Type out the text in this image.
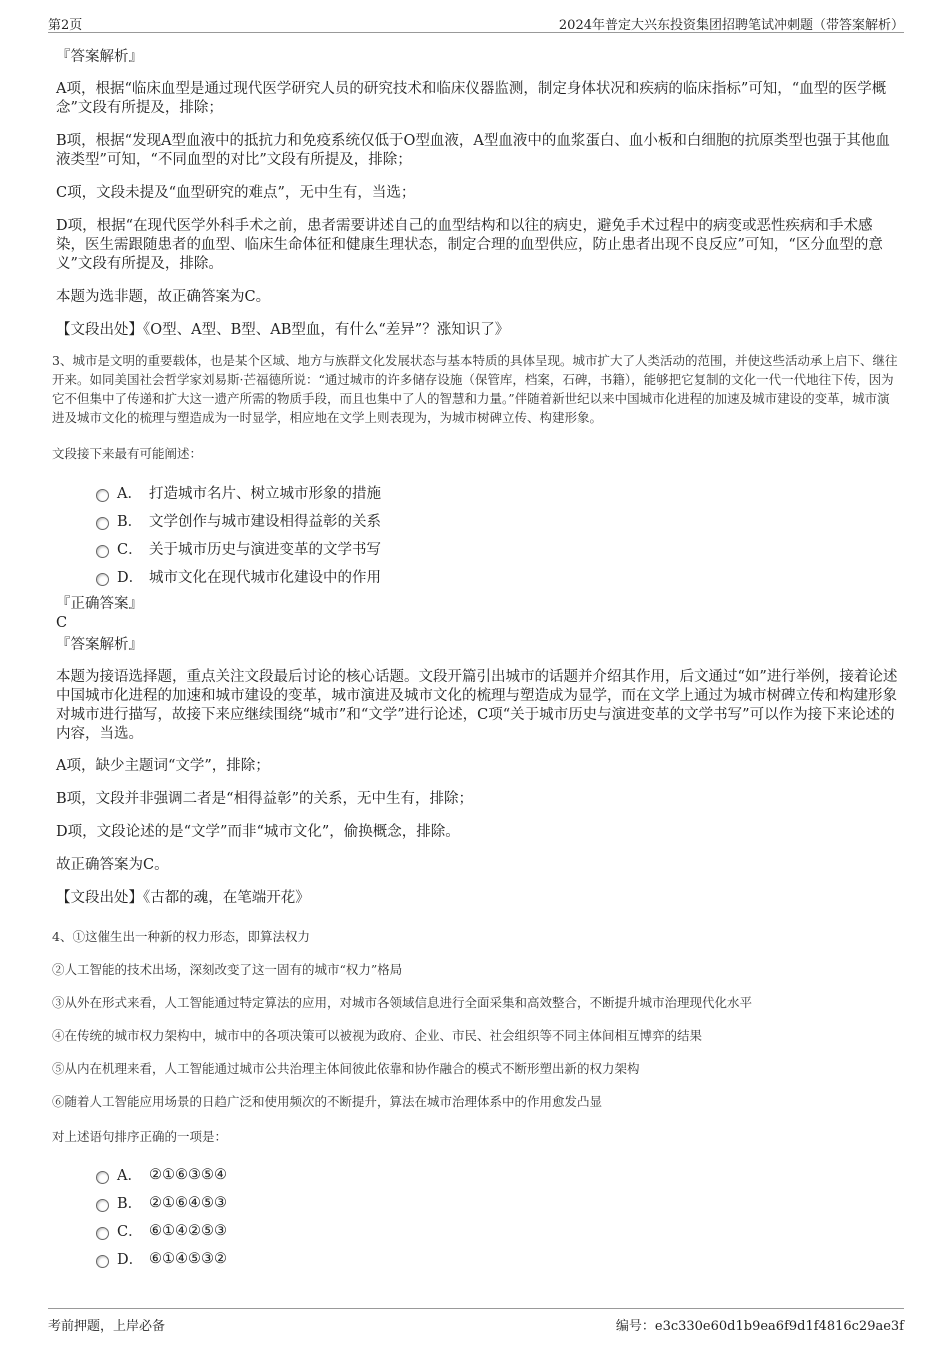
第2页	2024年普定大兴东投资集团招聘笔试冲刺题（带答案解析）

『答案解析』

A项，根据“临床血型是通过现代医学研究人员的研究技术和临床仪器监测，制定身体状况和疾病的临床指标”可知，“血型的医学概念”文段有所提及，排除；

B项，根据“发现A型血液中的抵抗力和免疫系统仅低于O型血液，A型血液中的血浆蛋白、血小板和白细胞的抗原类型也强于其他血液类型”可知，“不同血型的对比”文段有所提及，排除；

C项，文段未提及“血型研究的难点”，无中生有，当选；

D项，根据“在现代医学外科手术之前，患者需要讲述自己的血型结构和以往的病史，避免手术过程中的病变或恶性疾病和手术感染，医生需跟随患者的血型、临床生命体征和健康生理状态，制定合理的血型供应，防止患者出现不良反应”可知，“区分血型的意义”文段有所提及，排除。

本题为选非题，故正确答案为C。

【文段出处】《O型、A型、B型、AB型血，有什么“差异”？涨知识了》

3、城市是文明的重要载体，也是某个区域、地方与族群文化发展状态与基本特质的具体呈现。城市扩大了人类活动的范围，并使这些活动承上启下、继往开来。如同美国社会哲学家刘易斯·芒福德所说：“通过城市的许多储存设施（保管库，档案，石碑，书籍），能够把它复制的文化一代一代地往下传，因为它不但集中了传递和扩大这一遗产所需的物质手段，而且也集中了人的智慧和力量。”伴随着新世纪以来中国城市化进程的加速及城市建设的变革，城市演进及城市文化的梳理与塑造成为一时显学，相应地在文学上则表现为，为城市树碑立传、构建形象。

文段接下来最有可能阐述：

A． 打造城市名片、树立城市形象的措施
B． 文学创作与城市建设相得益彰的关系
C． 关于城市历史与演进变革的文学书写
D． 城市文化在现代城市化建设中的作用

『正确答案』

C

『答案解析』

本题为接语选择题，重点关注文段最后讨论的核心话题。文段开篇引出城市的话题并介绍其作用，后文通过“如”进行举例，接着论述中国城市化进程的加速和城市建设的变革，城市演进及城市文化的梳理与塑造成为显学，而在文学上通过为城市树碑立传和构建形象对城市进行描写，故接下来应继续围绕“城市”和“文学”进行论述，C项“关于城市历史与演进变革的文学书写”可以作为接下来论述的内容，当选。

A项，缺少主题词“文学”，排除；

B项，文段并非强调二者是“相得益彰”的关系，无中生有，排除；

D项，文段论述的是“文学”而非“城市文化”，偷换概念，排除。

故正确答案为C。

【文段出处】《古都的魂，在笔端开花》

4、①这催生出一种新的权力形态，即算法权力

②人工智能的技术出场，深刻改变了这一固有的城市“权力”格局

③从外在形式来看，人工智能通过特定算法的应用，对城市各领域信息进行全面采集和高效整合，不断提升城市治理现代化水平

④在传统的城市权力架构中，城市中的各项决策可以被视为政府、企业、市民、社会组织等不同主体间相互博弈的结果

⑤从内在机理来看，人工智能通过城市公共治理主体间彼此依靠和协作融合的模式不断形塑出新的权力架构

⑥随着人工智能应用场景的日趋广泛和使用频次的不断提升，算法在城市治理体系中的作用愈发凸显

对上述语句排序正确的一项是：

A． ②①⑥③⑤④
B． ②①⑥④⑤③
C． ⑥①④②⑤③
D． ⑥①④⑤③②
考前押题，上岸必备	编号：e3c330e60d1b9ea6f9d1f4816c29ae3f
